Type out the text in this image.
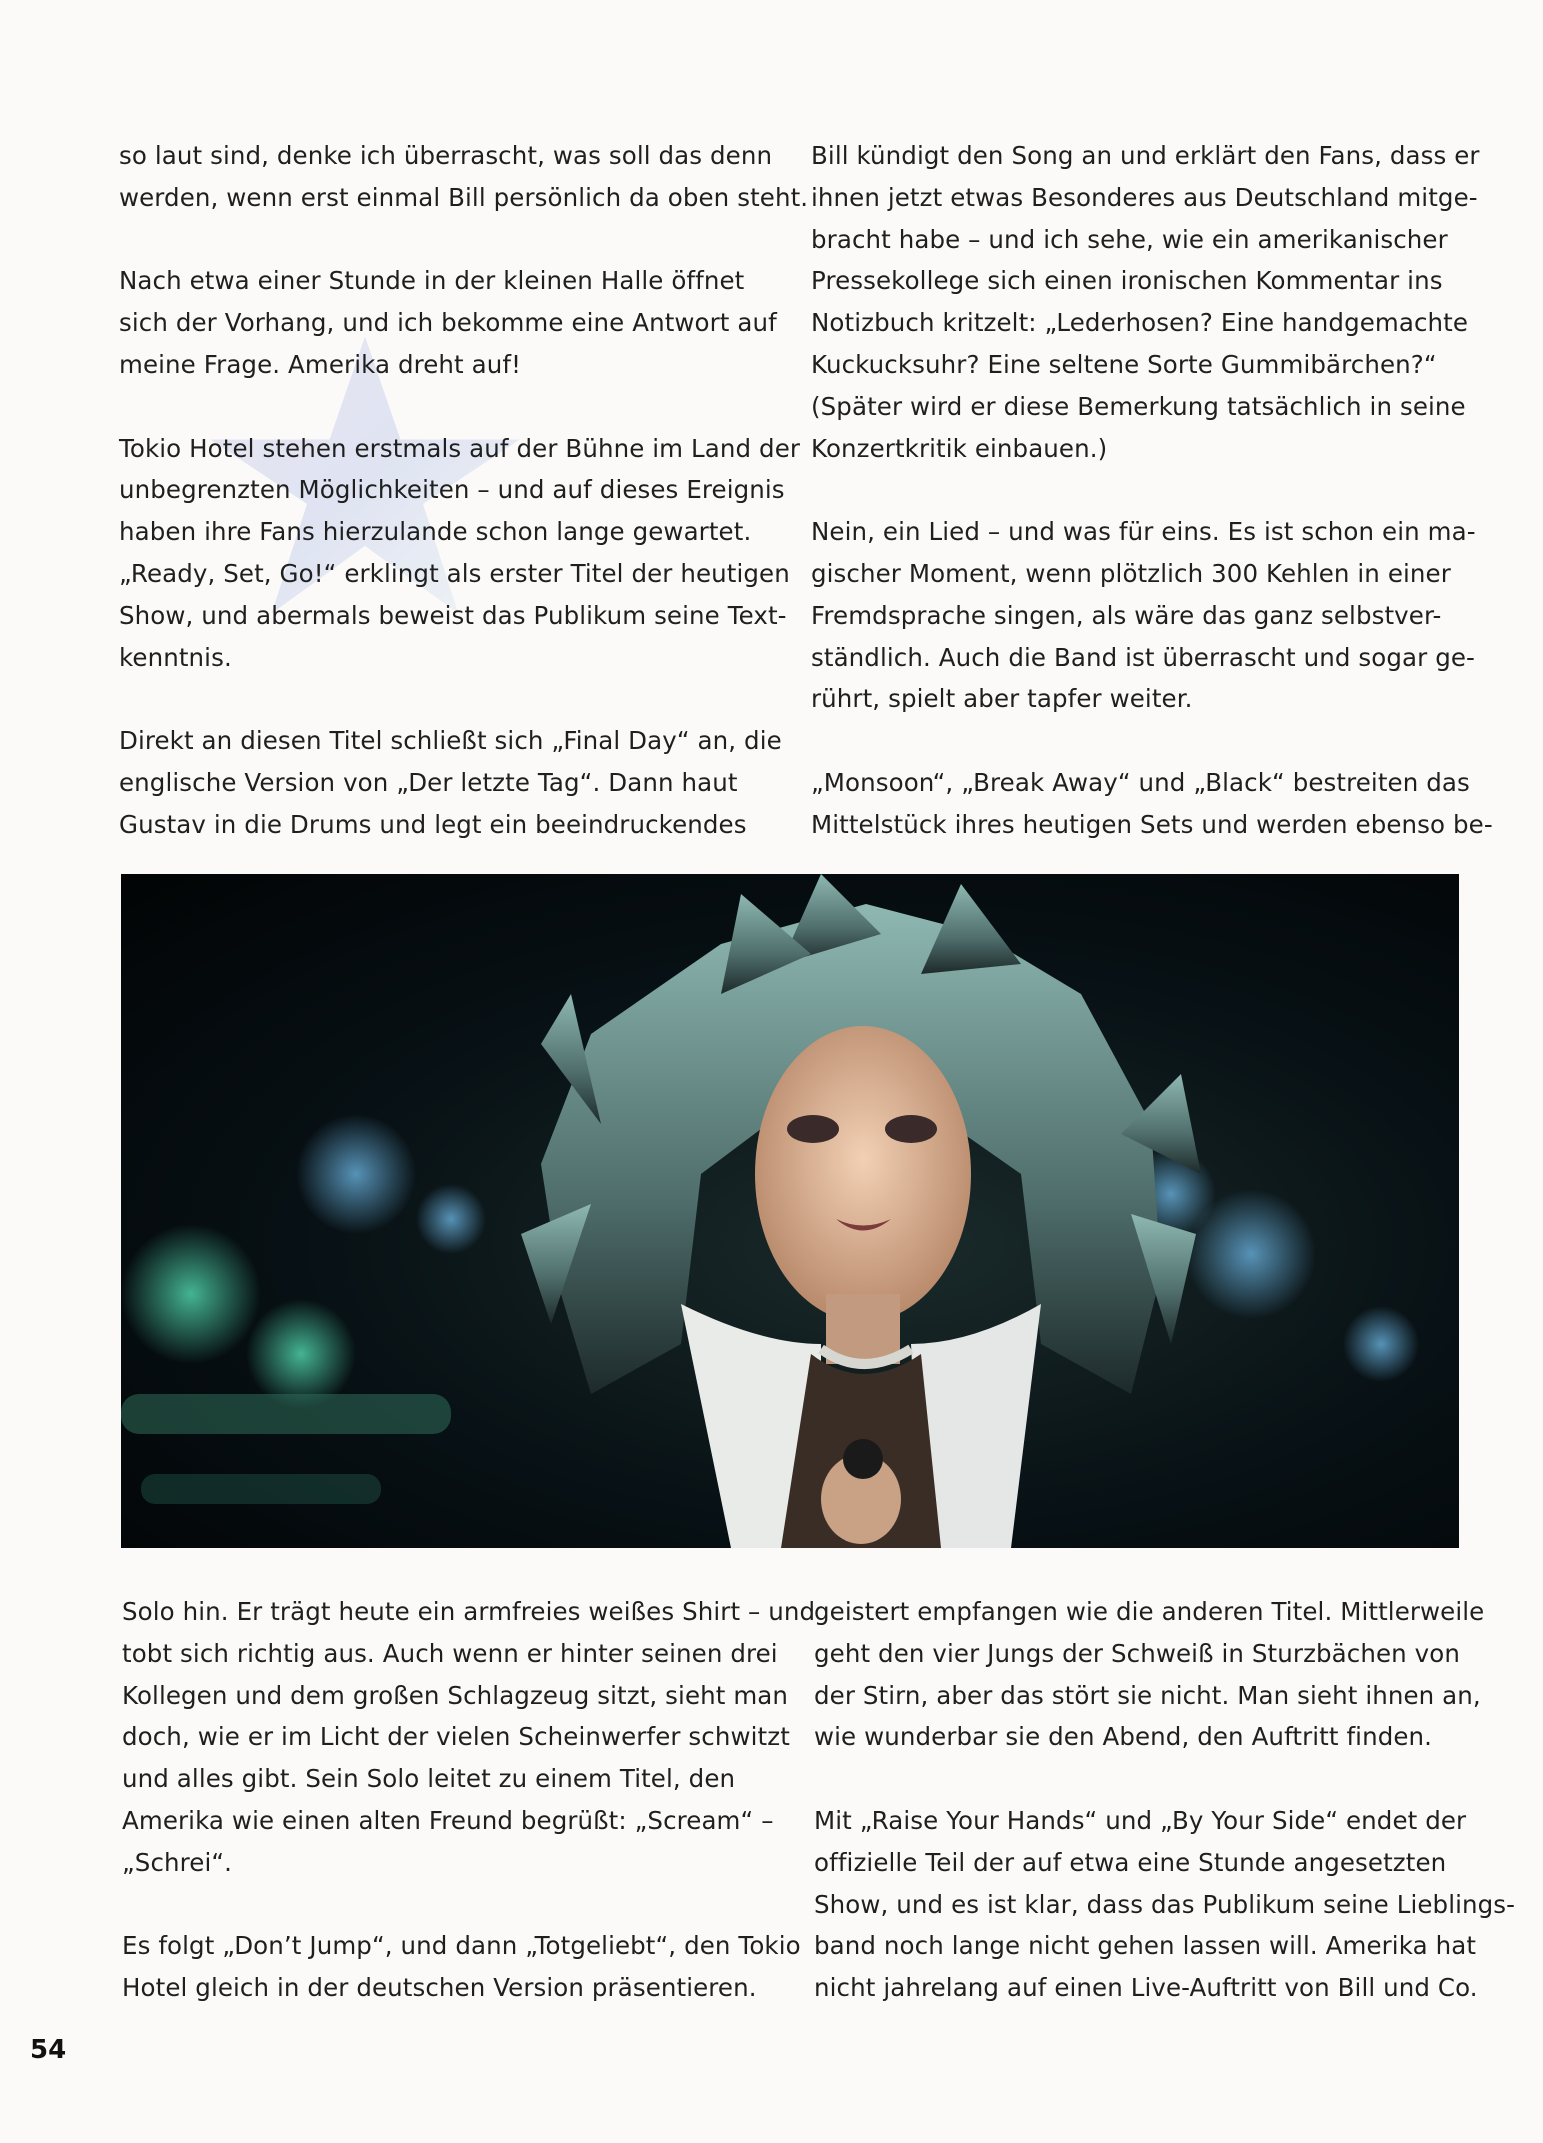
so laut sind, denke ich überrascht, was soll das denn
werden, wenn erst einmal Bill persönlich da oben steht.

Nach etwa einer Stunde in der kleinen Halle öffnet
sich der Vorhang, und ich bekomme eine Antwort auf
meine Frage. Amerika dreht auf!

Tokio Hotel stehen erstmals auf der Bühne im Land der
unbegrenzten Möglichkeiten – und auf dieses Ereignis
haben ihre Fans hierzulande schon lange gewartet.
„Ready, Set, Go!“ erklingt als erster Titel der heutigen
Show, und abermals beweist das Publikum seine Text-
kenntnis.

Direkt an diesen Titel schließt sich „Final Day“ an, die
englische Version von „Der letzte Tag“. Dann haut
Gustav in die Drums und legt ein beeindruckendes

Bill kündigt den Song an und erklärt den Fans, dass er
ihnen jetzt etwas Besonderes aus Deutschland mitge-
bracht habe – und ich sehe, wie ein amerikanischer
Pressekollege sich einen ironischen Kommentar ins
Notizbuch kritzelt: „Lederhosen? Eine handgemachte
Kuckucksuhr? Eine seltene Sorte Gummibärchen?“
(Später wird er diese Bemerkung tatsächlich in seine
Konzertkritik einbauen.)

Nein, ein Lied – und was für eins. Es ist schon ein ma-
gischer Moment, wenn plötzlich 300 Kehlen in einer
Fremdsprache singen, als wäre das ganz selbstver-
ständlich. Auch die Band ist überrascht und sogar ge-
rührt, spielt aber tapfer weiter.

„Monsoon“, „Break Away“ und „Black“ bestreiten das
Mittelstück ihres heutigen Sets und werden ebenso be-

Solo hin. Er trägt heute ein armfreies weißes Shirt – und
tobt sich richtig aus. Auch wenn er hinter seinen drei
Kollegen und dem großen Schlagzeug sitzt, sieht man
doch, wie er im Licht der vielen Scheinwerfer schwitzt
und alles gibt. Sein Solo leitet zu einem Titel, den
Amerika wie einen alten Freund begrüßt: „Scream“ –
„Schrei“.

Es folgt „Don’t Jump“, und dann „Totgeliebt“, den Tokio
Hotel gleich in der deutschen Version präsentieren.

geistert empfangen wie die anderen Titel. Mittlerweile
geht den vier Jungs der Schweiß in Sturzbächen von
der Stirn, aber das stört sie nicht. Man sieht ihnen an,
wie wunderbar sie den Abend, den Auftritt finden.

Mit „Raise Your Hands“ und „By Your Side“ endet der
offizielle Teil der auf etwa eine Stunde angesetzten
Show, und es ist klar, dass das Publikum seine Lieblings-
band noch lange nicht gehen lassen will. Amerika hat
nicht jahrelang auf einen Live-Auftritt von Bill und Co.

54
